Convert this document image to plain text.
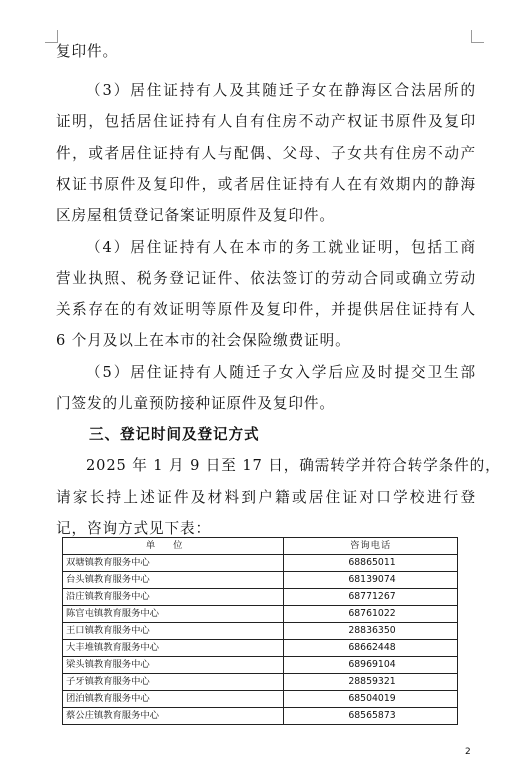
复印件。
（3）居住证持有人及其随迁子女在静海区合法居所的
证明，包括居住证持有人自有住房不动产权证书原件及复印
件，或者居住证持有人与配偶、父母、子女共有住房不动产
权证书原件及复印件，或者居住证持有人在有效期内的静海
区房屋租赁登记备案证明原件及复印件。
（4）居住证持有人在本市的务工就业证明，包括工商
营业执照、税务登记证件、依法签订的劳动合同或确立劳动
关系存在的有效证明等原件及复印件，并提供居住证持有人
6 个月及以上在本市的社会保险缴费证明。
（5）居住证持有人随迁子女入学后应及时提交卫生部
门签发的儿童预防接种证原件及复印件。
三、登记时间及登记方式
2025 年 1 月 9 日至 17 日，确需转学并符合转学条件的，
请家长持上述证件及材料到户籍或居住证对口学校进行登
记，咨询方式见下表：
单位	咨询电话
双塘镇教育服务中心	68865011
台头镇教育服务中心	68139074
沿庄镇教育服务中心	68771267
陈官屯镇教育服务中心	68761022
王口镇教育服务中心	28836350
大丰堆镇教育服务中心	68662448
梁头镇教育服务中心	68969104
子牙镇教育服务中心	28859321
团泊镇教育服务中心	68504019
蔡公庄镇教育服务中心	68565873
2
